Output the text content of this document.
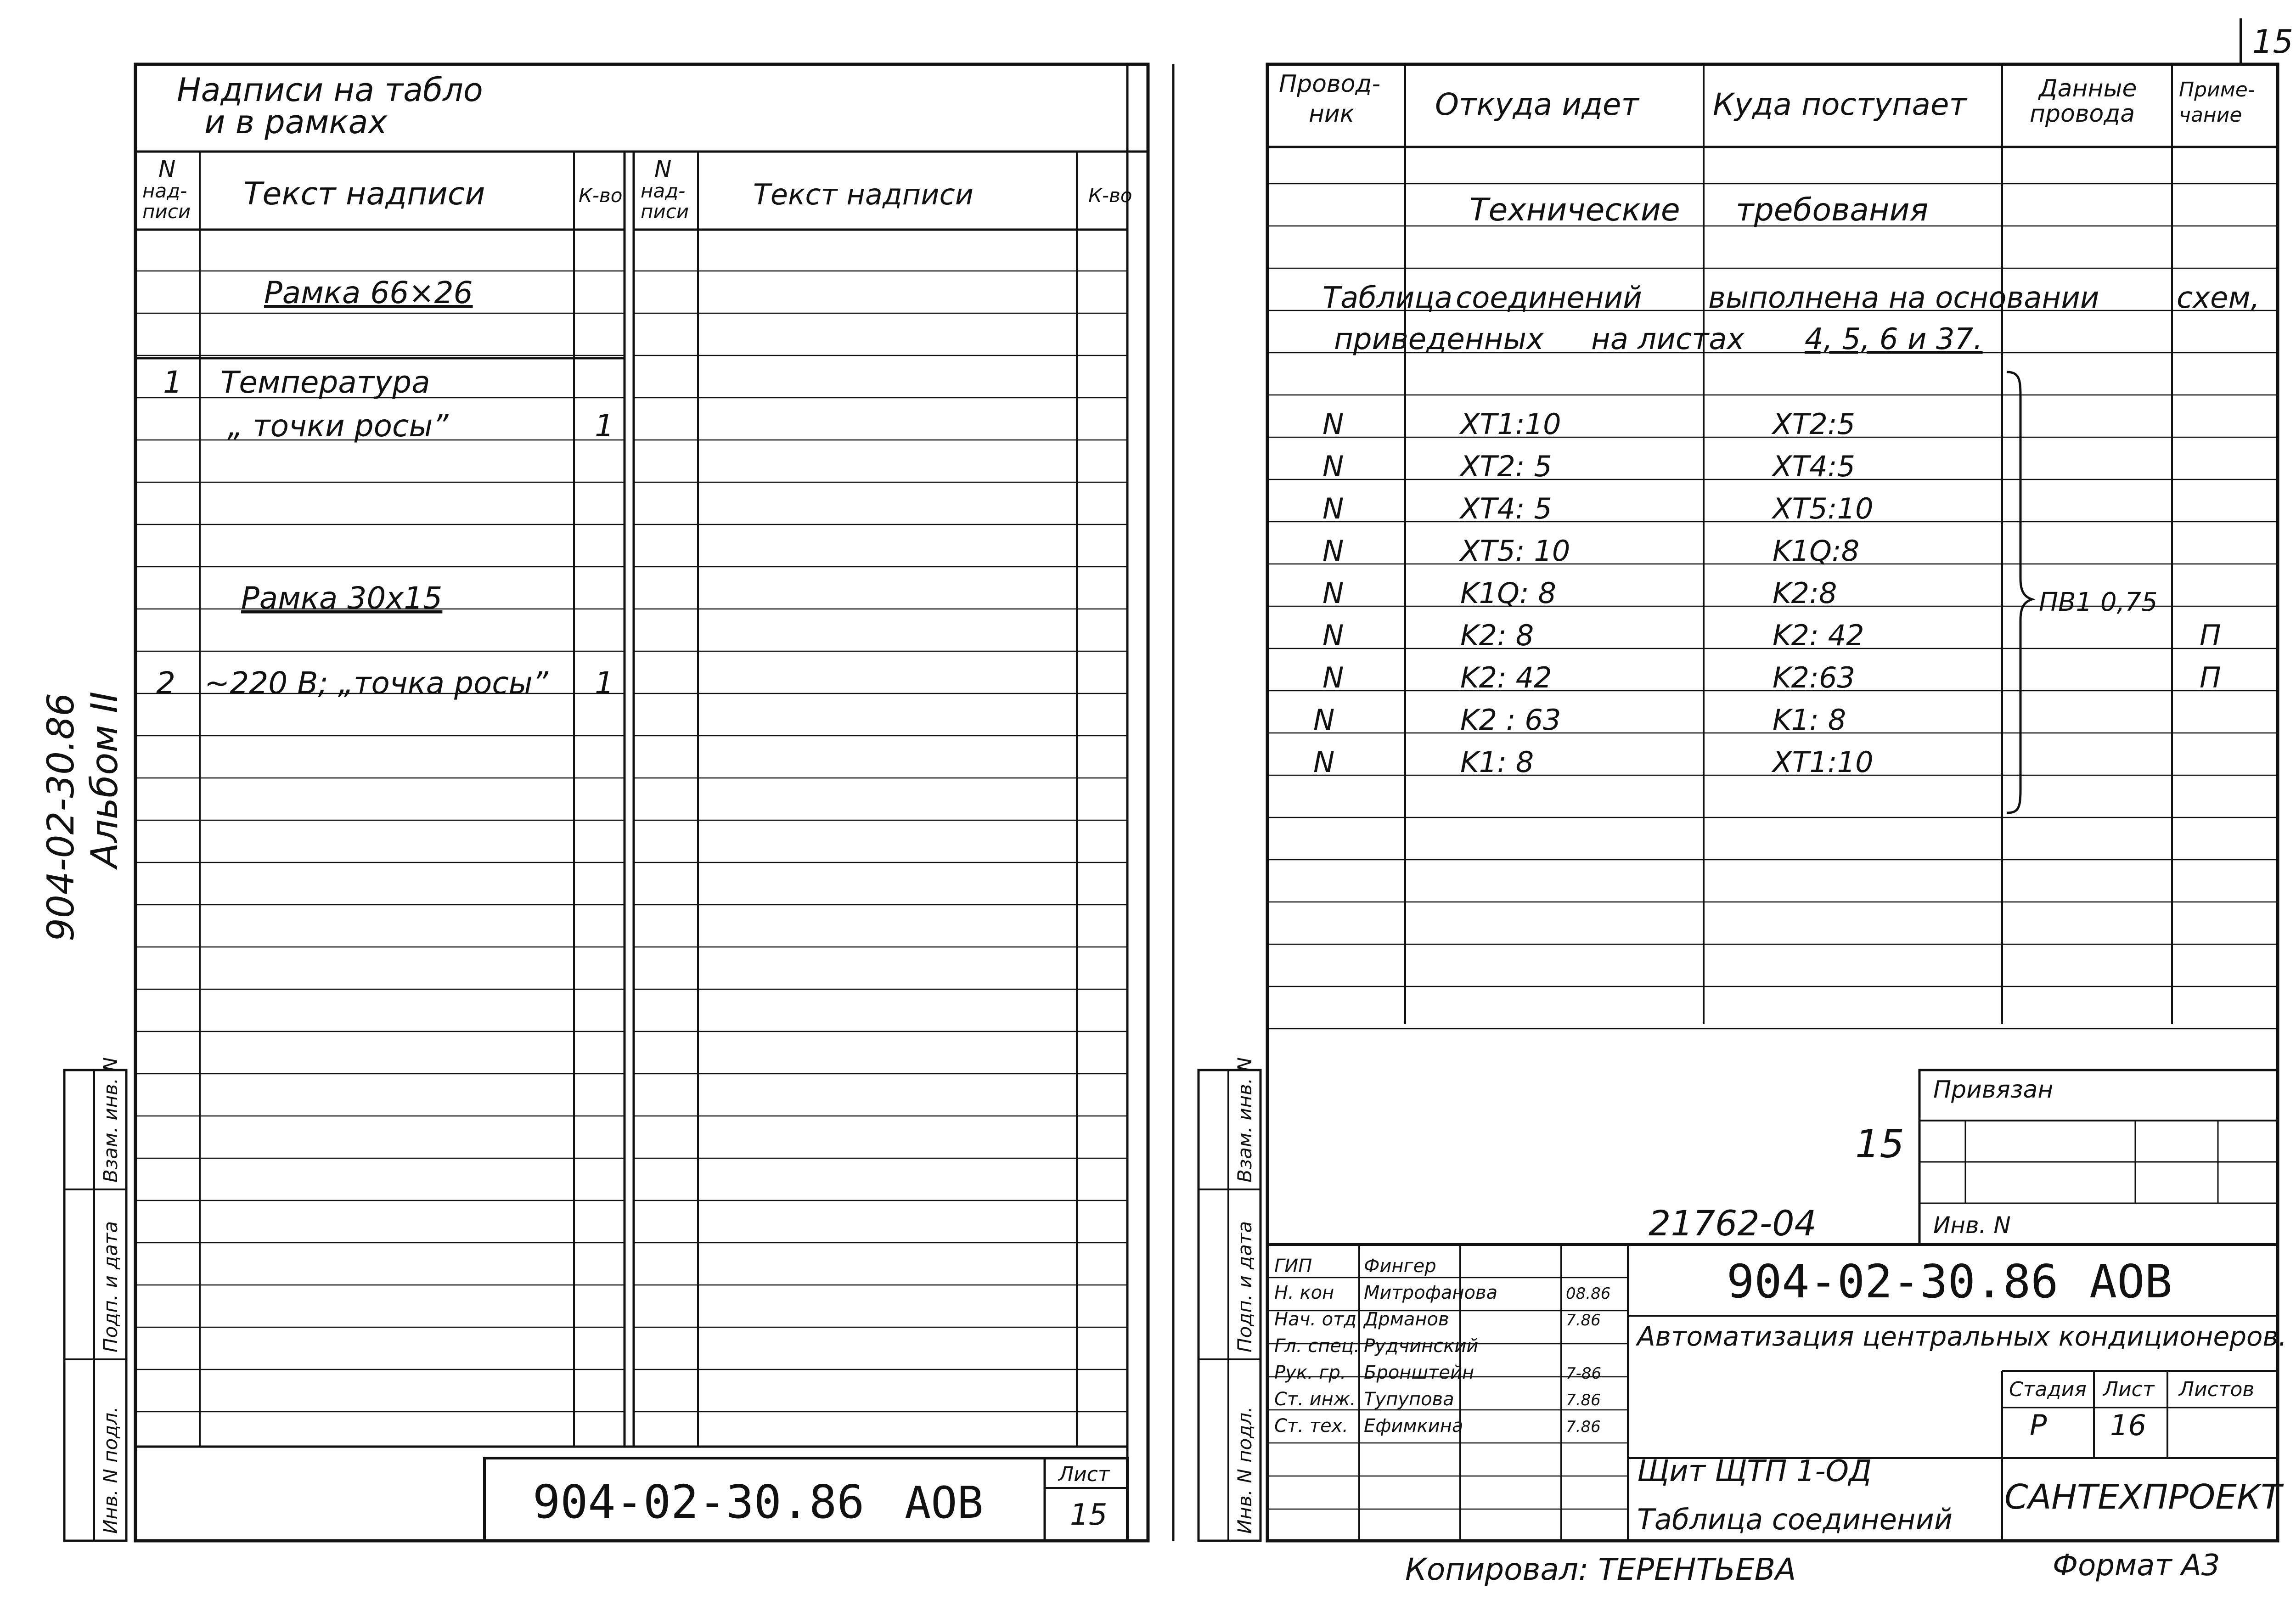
15
904-02-30.86 Альбом II
Надписи на табло
и в рамках
N
над-
писи Текст надписи	К-во
N
над-
писи
Текст надписи	К-во
Рамка 66×26
1 Температура
„ точки росы”	1
Рамка 30х15
2 ~220 В; „точка росы” 1
904-02-30.86 АОВ
Лист
15
Инв. N подл.
Подп. и дата
Взам. инв. N
Провод-
ник	Откуда идет Куда поступает	Данные
провода
Приме-
чание
Технические требования
Таблица соединений выполнена на основании	схем,
приведенных на листах 4, 5, 6 и 37.
N	XT1:10	XT2:5
N	XT2: 5	XT4:5
N	XT4: 5	XT5:10
N	XT5: 10	K1Q:8
N	K1Q: 8	K2:8
N	K2: 8	K2: 42	П
N	K2: 42	K2:63	П
N	K2 : 63	K1: 8
N	K1: 8	XT1:10
ПВ1 0,75
Привязан
Инв. N
15
21762-04
ГИП	Фингер
Н. кон Митрофанова	08.86
Нач. отд Дрманов	7.86
Гл. спец. Рудчинский
Рук. гр. Бронштейн	7-86
Ст. инж. Тупупова	7.86
Ст. тех. Ефимкина	7.86
904-02-30.86 АОВ
Автоматизация центральных кондиционеров.
Стадия Лист Листов
Р 16
Щит ЩТП 1-ОД
Таблица соединений
САНТЕХПРОЕКТ
Инв. N подл.
Подп. и дата
Взам. инв. N
Копировал: ТЕРЕНТЬЕВА	Формат А3
